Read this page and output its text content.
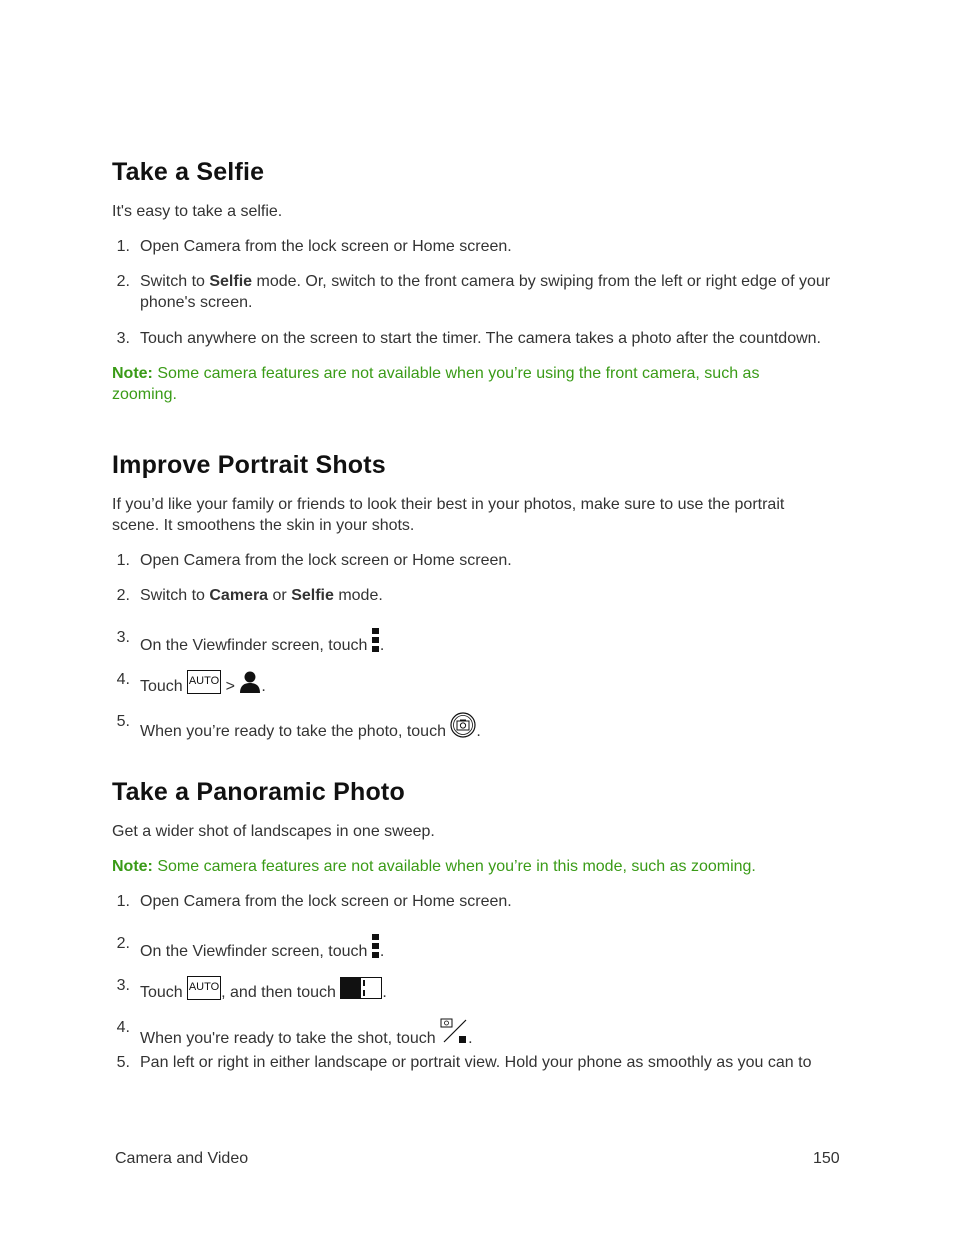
Take a Selfie

It's easy to take a selfie.

1. Open Camera from the lock screen or Home screen.
2. Switch to Selfie mode. Or, switch to the front camera by swiping from the left or right edge of your phone's screen.
3. Touch anywhere on the screen to start the timer. The camera takes a photo after the countdown.

Note: Some camera features are not available when you’re using the front camera, such as zooming.

Improve Portrait Shots

If you’d like your family or friends to look their best in your photos, make sure to use the portrait scene. It smoothens the skin in your shots.

1. Open Camera from the lock screen or Home screen.
2. Switch to Camera or Selfie mode.
3. On the Viewfinder screen, touch .
4. Touch AUTO > .
5.
When you’re ready to take the photo, touch .
Take a Panoramic Photo

Get a wider shot of landscapes in one sweep.

Note: Some camera features are not available when you’re in this mode, such as zooming.

1. Open Camera from the lock screen or Home screen.
2. On the Viewfinder screen, touch .
3. Touch AUTO , and then touch	.
4.
When you're ready to take the shot, touch .
5. Pan left or right in either landscape or portrait view. Hold your phone as smoothly as you can to
Camera and Video	150
